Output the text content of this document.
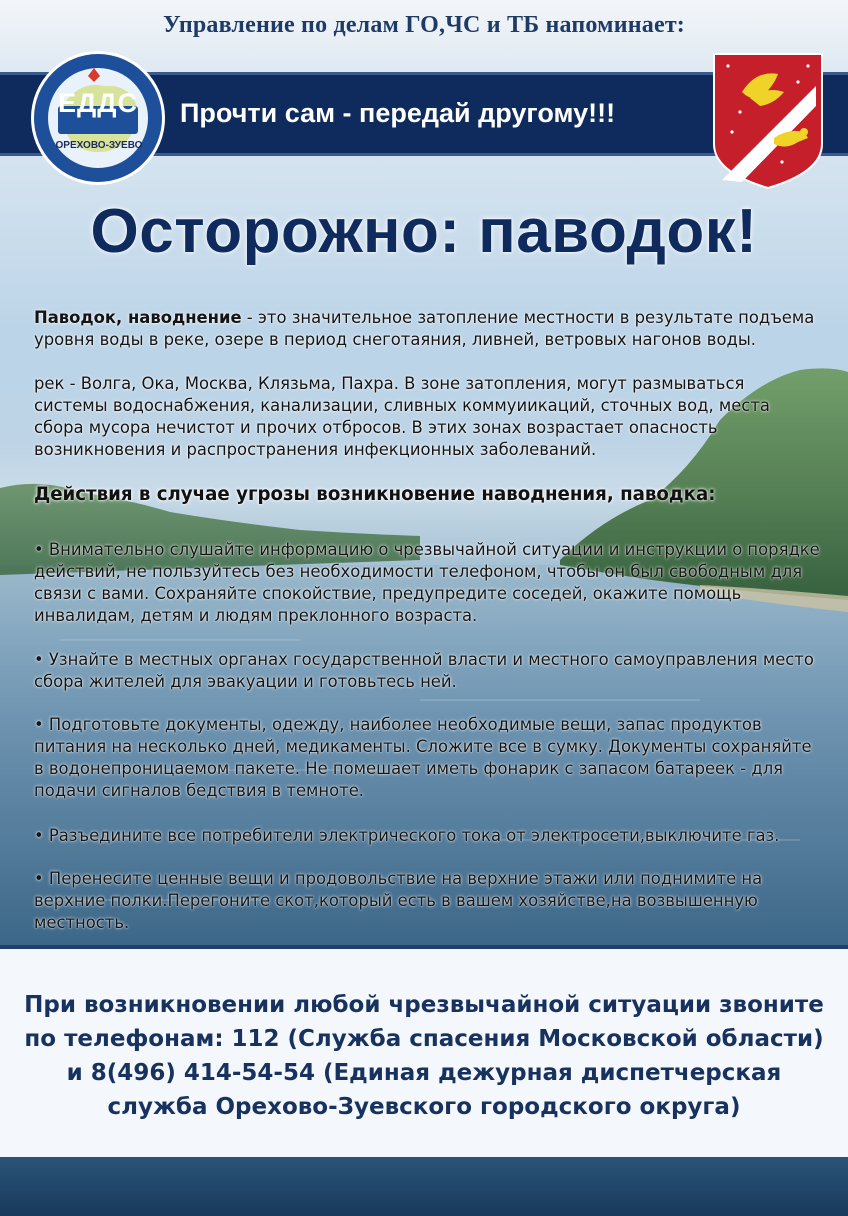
Управление по делам ГО,ЧС и ТБ напоминает:
Прочти сам - передай другому!!!
ЕДДС
ОРЕХОВО-ЗУЕВО
Осторожно: паводок!
Паводок, наводнение - это значительное затопление местности в результате подъема уровня воды в реке, озере в период снеготаяния, ливней, ветровых нагонов воды.
рек - Волга, Ока, Москва, Клязьма, Пахра. В зоне затопления, могут размываться системы водоснабжения, канализации, сливных коммуиикаций, сточных вод, места сбора мусора нечистот и прочих отбросов. В этих зонах возрастает опасность возникновения и распространения инфекционных заболеваний.
Действия в случае угрозы возникновение наводнения, паводка:
• Внимательно слушайте информацию о чрезвычайной ситуации и инструкции о порядке действий, не пользуйтесь без необходимости телефоном, чтобы он был свободным для связи с вами. Сохраняйте спокойствие, предупредите соседей, окажите помощь инвалидам, детям и людям преклонного возраста.
• Узнайте в местных органах государственной власти и местного самоуправления место сбора жителей для эвакуации и готовьтесь ней.
• Подготовьте документы, одежду, наиболее необходимые вещи, запас продуктов питания на несколько дней, медикаменты. Сложите все в сумку. Документы сохраняйте в водонепроницаемом пакете. Не помешает иметь фонарик с запасом батареек - для подачи сигналов бедствия в темноте.
• Разъедините все потребители электрического тока от электросети,выключите газ.
• Перенесите ценные вещи и продовольствие на верхние этажи или поднимите на верхние полки.Перегоните скот,который есть в вашем хозяйстве,на возвышенную местность.
При возникновении любой чрезвычайной ситуации звоните по телефонам: 112 (Служба спасения Московской области) и 8(496) 414-54-54 (Единая дежурная диспетчерская служба Орехово-Зуевского городского округа)
